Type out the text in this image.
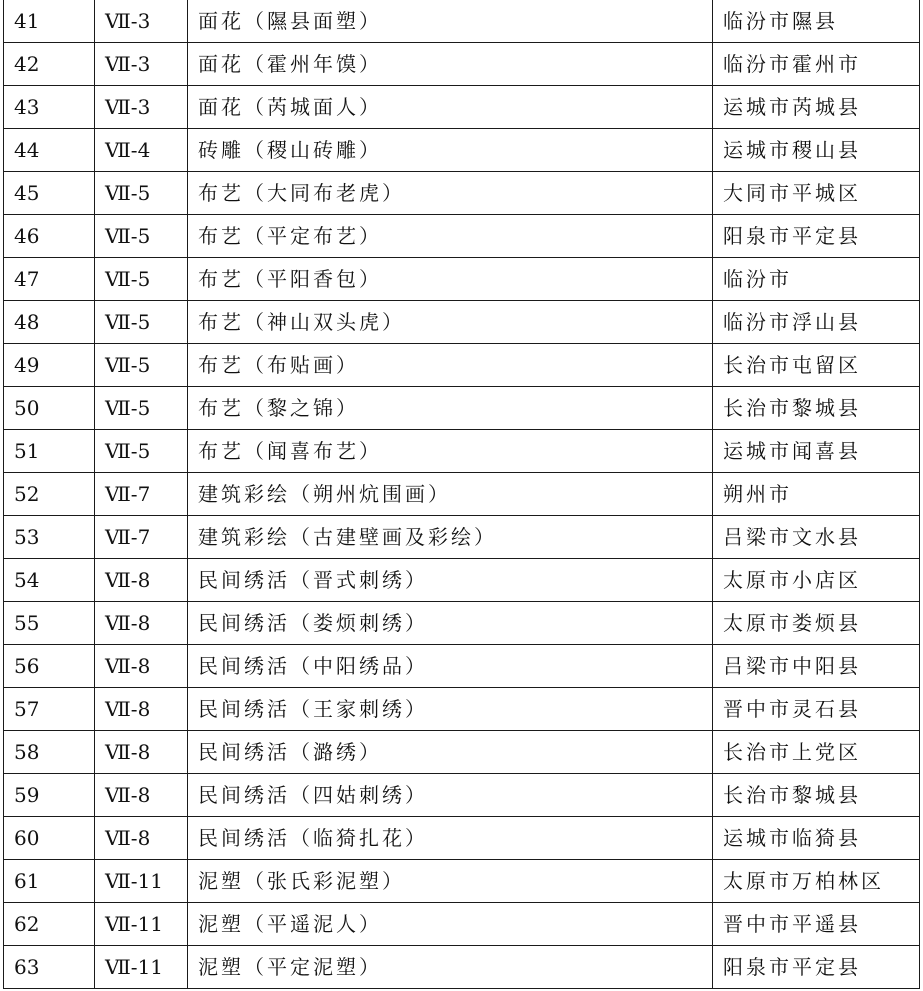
41	Ⅶ-3	面花（隰县面塑）	临汾市隰县
42	Ⅶ-3	面花（霍州年馍）	临汾市霍州市
43	Ⅶ-3	面花（芮城面人）	运城市芮城县
44	Ⅶ-4	砖雕（稷山砖雕）	运城市稷山县
45	Ⅶ-5	布艺（大同布老虎）	大同市平城区
46	Ⅶ-5	布艺（平定布艺）	阳泉市平定县
47	Ⅶ-5	布艺（平阳香包）	临汾市
48	Ⅶ-5	布艺（神山双头虎）	临汾市浮山县
49	Ⅶ-5	布艺（布贴画）	长治市屯留区
50	Ⅶ-5	布艺（黎之锦）	长治市黎城县
51	Ⅶ-5	布艺（闻喜布艺）	运城市闻喜县
52	Ⅶ-7	建筑彩绘（朔州炕围画）	朔州市
53	Ⅶ-7	建筑彩绘（古建壁画及彩绘）	吕梁市文水县
54	Ⅶ-8	民间绣活（晋式刺绣）	太原市小店区
55	Ⅶ-8	民间绣活（娄烦刺绣）	太原市娄烦县
56	Ⅶ-8	民间绣活（中阳绣品）	吕梁市中阳县
57	Ⅶ-8	民间绣活（王家刺绣）	晋中市灵石县
58	Ⅶ-8	民间绣活（潞绣）	长治市上党区
59	Ⅶ-8	民间绣活（四姑刺绣）	长治市黎城县
60	Ⅶ-8	民间绣活（临猗扎花）	运城市临猗县
61	Ⅶ-11	泥塑（张氏彩泥塑）	太原市万柏林区
62	Ⅶ-11	泥塑（平遥泥人）	晋中市平遥县
63	Ⅶ-11	泥塑（平定泥塑）	阳泉市平定县
